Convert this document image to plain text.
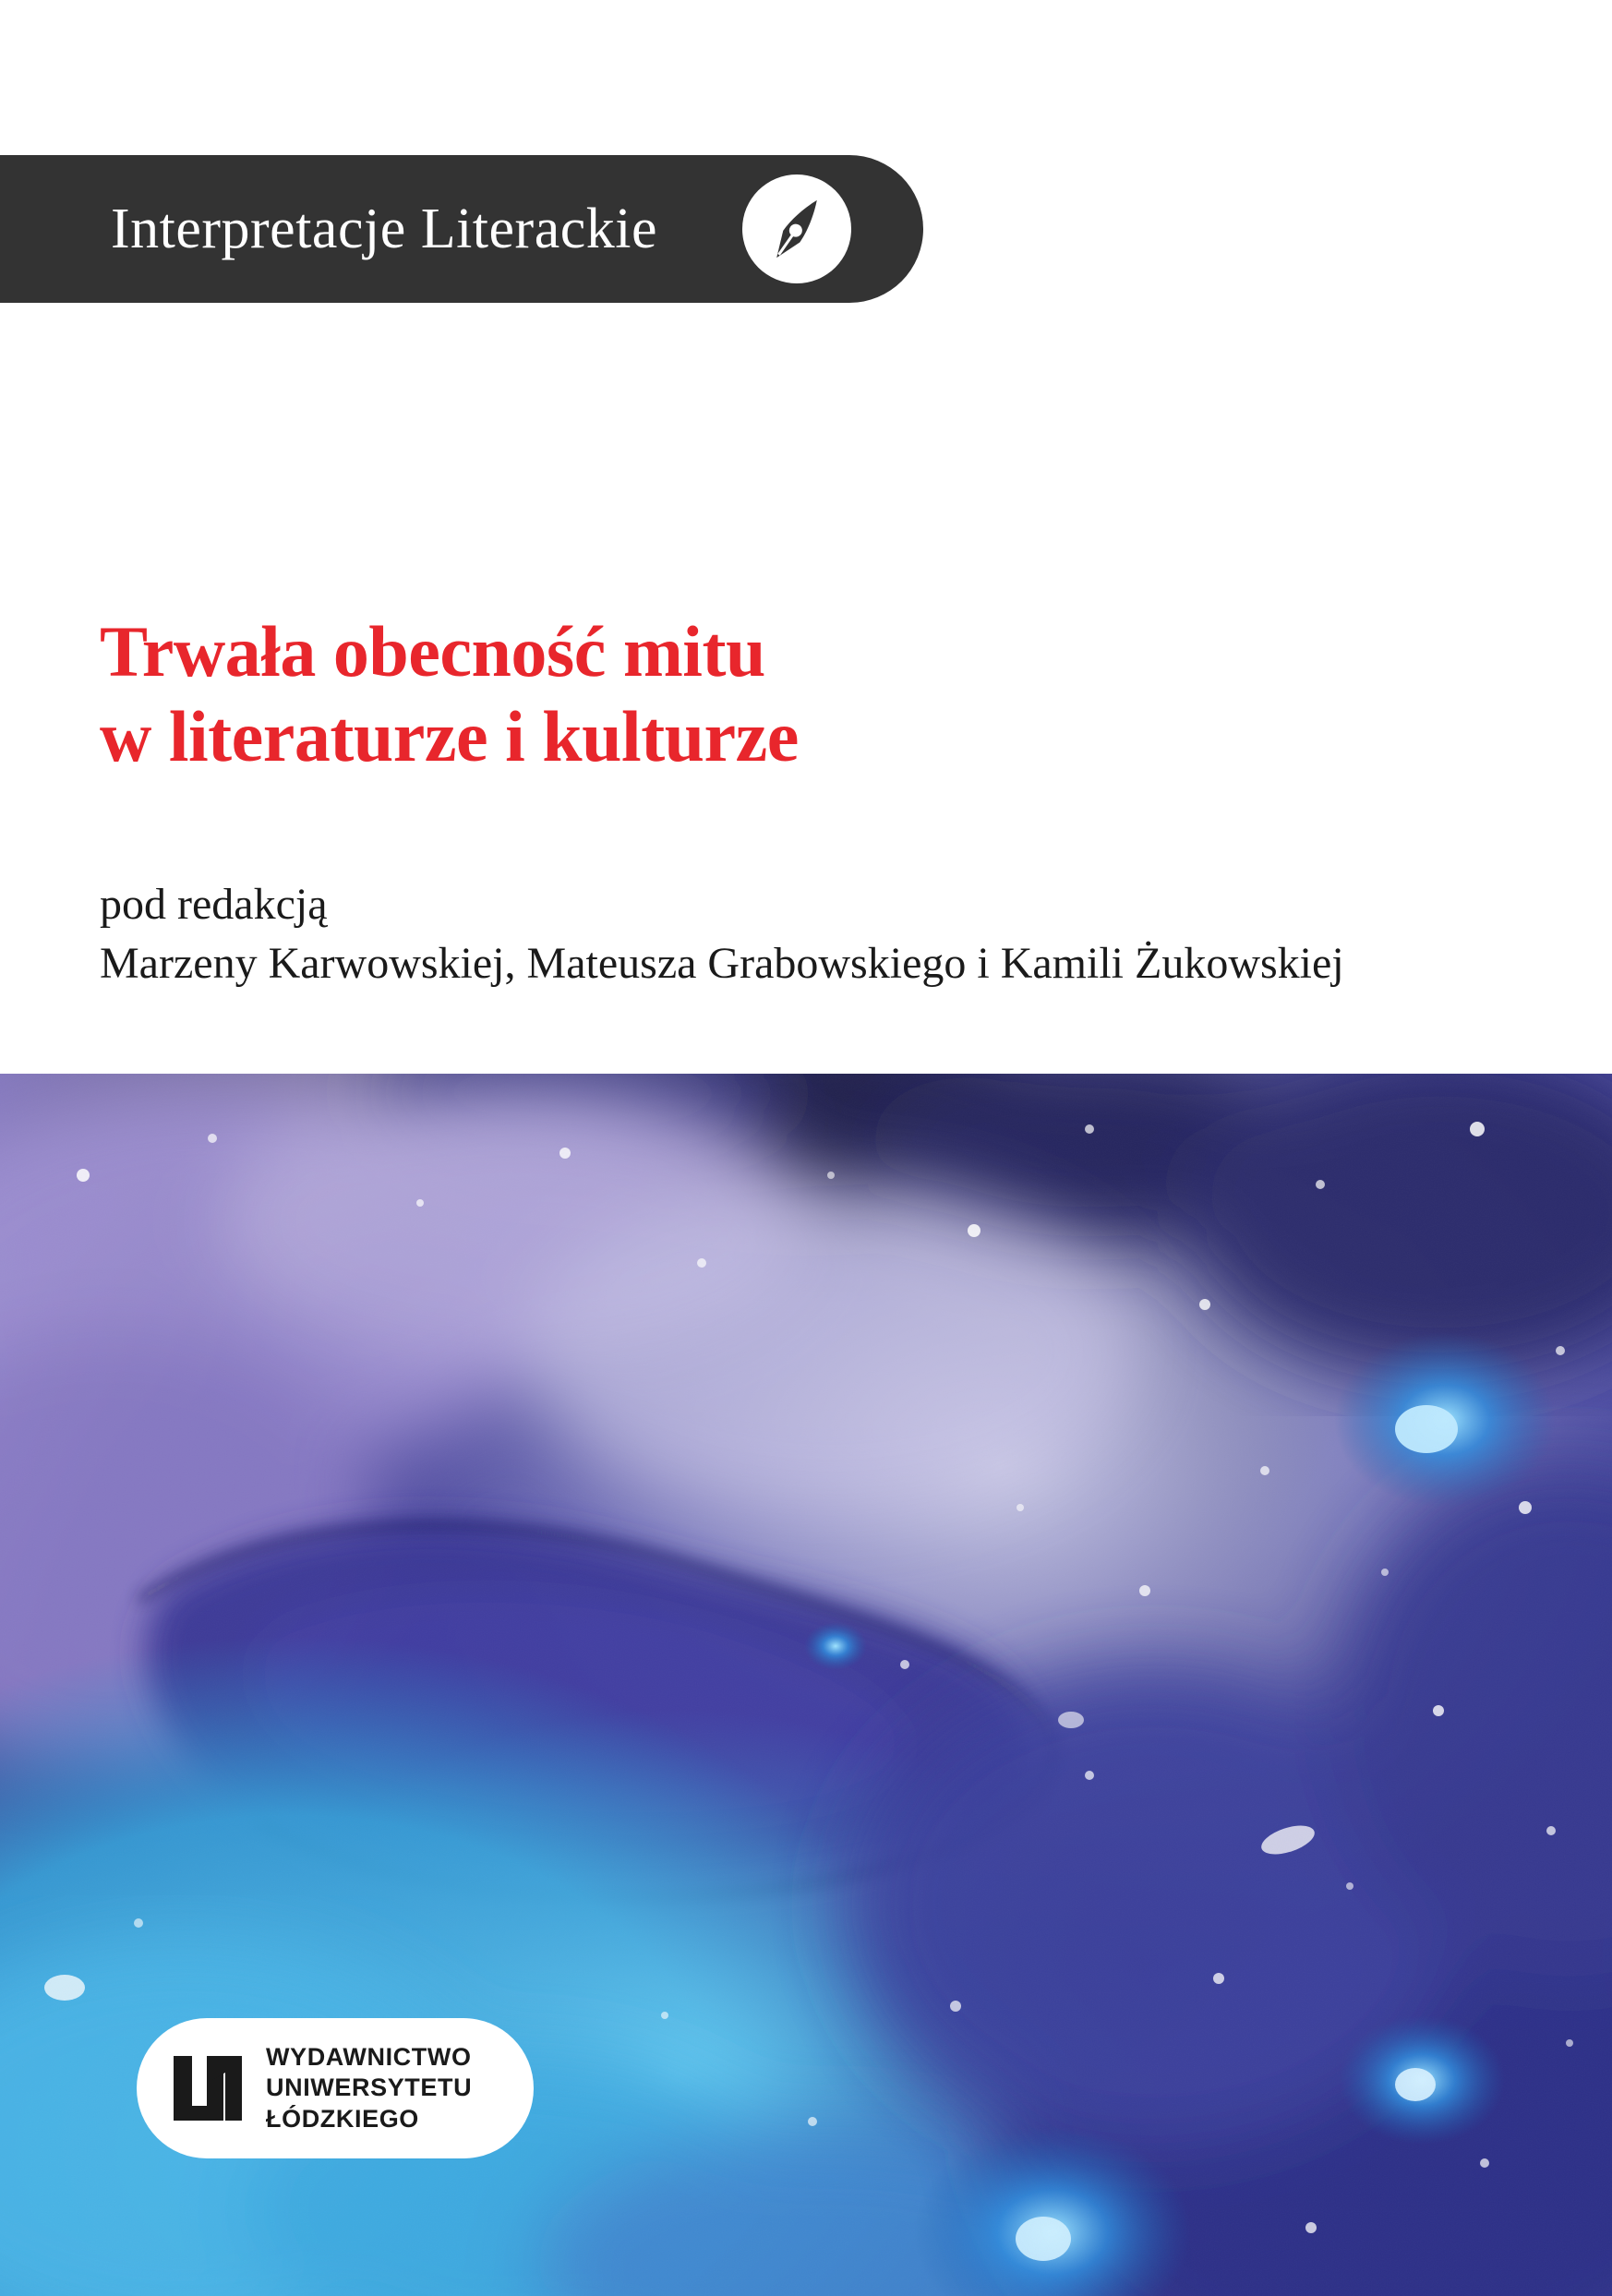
Interpretacje Literackie
Trwała obecność mitu
w literaturze i kulturze
pod redakcją
Marzeny Karwowskiej, Mateusza Grabowskiego i Kamili Żukowskiej
WYDAWNICTWO
UNIWERSYTETU
ŁÓDZKIEGO
